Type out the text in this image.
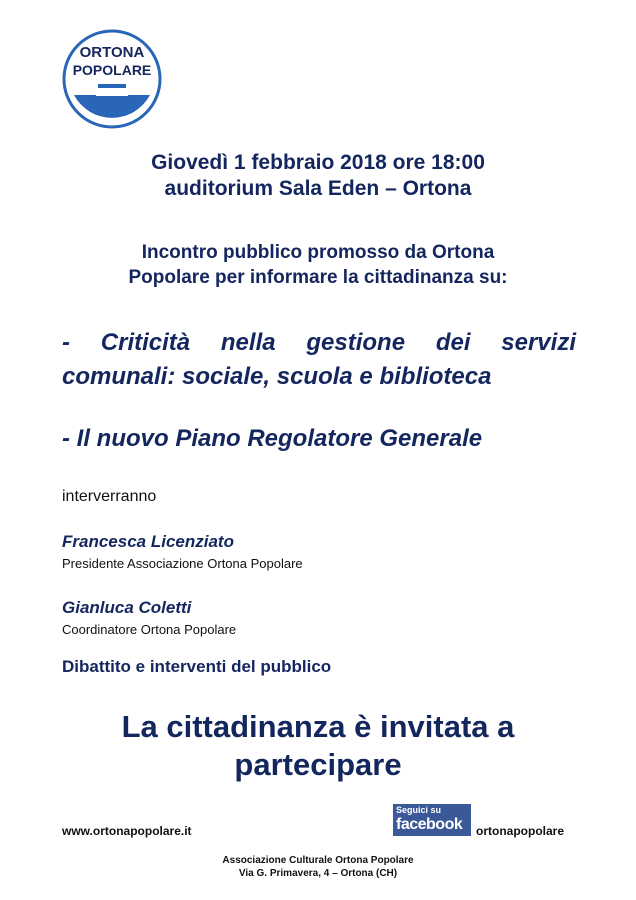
ORTONA
POPOLARE
Giovedì 1 febbraio 2018 ore 18:00
auditorium Sala Eden – Ortona
Incontro pubblico promosso da Ortona
Popolare per informare la cittadinanza su:
- Criticità nella gestione dei servizi
comunali: sociale, scuola e biblioteca
- Il nuovo Piano Regolatore Generale
interverranno
Francesca Licenziato
Presidente Associazione Ortona Popolare
Gianluca Coletti
Coordinatore Ortona Popolare
Dibattito e interventi del pubblico
La cittadinanza è invitata a
partecipare
www.ortonapopolare.it
Seguici su
facebook ortonapopolare
Associazione Culturale Ortona Popolare
Via G. Primavera, 4 – Ortona (CH)
